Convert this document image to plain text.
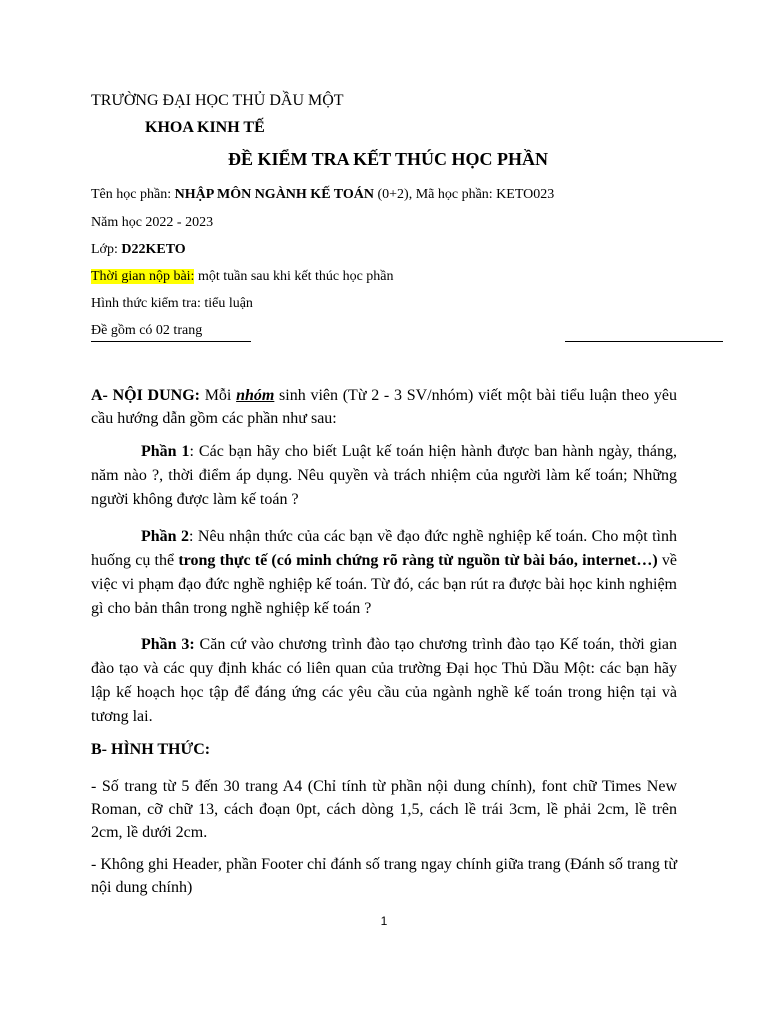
TRƯỜNG ĐẠI HỌC THỦ DẦU MỘT
KHOA KINH TẾ
ĐỀ KIỂM TRA KẾT THÚC HỌC PHẦN
Tên học phần: NHẬP MÔN NGÀNH KẾ TOÁN (0+2), Mã học phần: KETO023
Năm học 2022 - 2023
Lớp: D22KETO
Thời gian nộp bài: một tuần sau khi kết thúc học phần
Hình thức kiểm tra: tiểu luận
Đề gồm có 02 trang
A- NỘI DUNG: Mỗi nhóm sinh viên (Từ 2 - 3 SV/nhóm) viết một bài tiểu luận theo yêu cầu hướng dẫn gồm các phần như sau:
Phần 1: Các bạn hãy cho biết Luật kế toán hiện hành được ban hành ngày, tháng, năm nào ?, thời điểm áp dụng. Nêu quyền và trách nhiệm của người làm kế toán; Những người không được làm kế toán ?
Phần 2: Nêu nhận thức của các bạn về đạo đức nghề nghiệp kế toán. Cho một tình huống cụ thể trong thực tế (có minh chứng rõ ràng từ nguồn từ bài báo, internet…) về việc vi phạm đạo đức nghề nghiệp kế toán. Từ đó, các bạn rút ra được bài học kinh nghiệm gì cho bản thân trong nghề nghiệp kế toán ?
Phần 3: Căn cứ vào chương trình đào tạo chương trình đào tạo Kế toán, thời gian đào tạo và các quy định khác có liên quan của trường Đại học Thủ Dầu Một: các bạn hãy lập kế hoạch học tập để đáng ứng các yêu cầu của ngành nghề kế toán trong hiện tại và tương lai.
B- HÌNH THỨC:
- Số trang từ 5 đến 30 trang A4 (Chỉ tính từ phần nội dung chính), font chữ Times New Roman, cỡ chữ 13, cách đoạn 0pt, cách dòng 1,5, cách lề trái 3cm, lề phải 2cm, lề trên 2cm, lề dưới 2cm.
- Không ghi Header, phần Footer chỉ đánh số trang ngay chính giữa trang (Đánh số trang từ nội dung chính)
1
